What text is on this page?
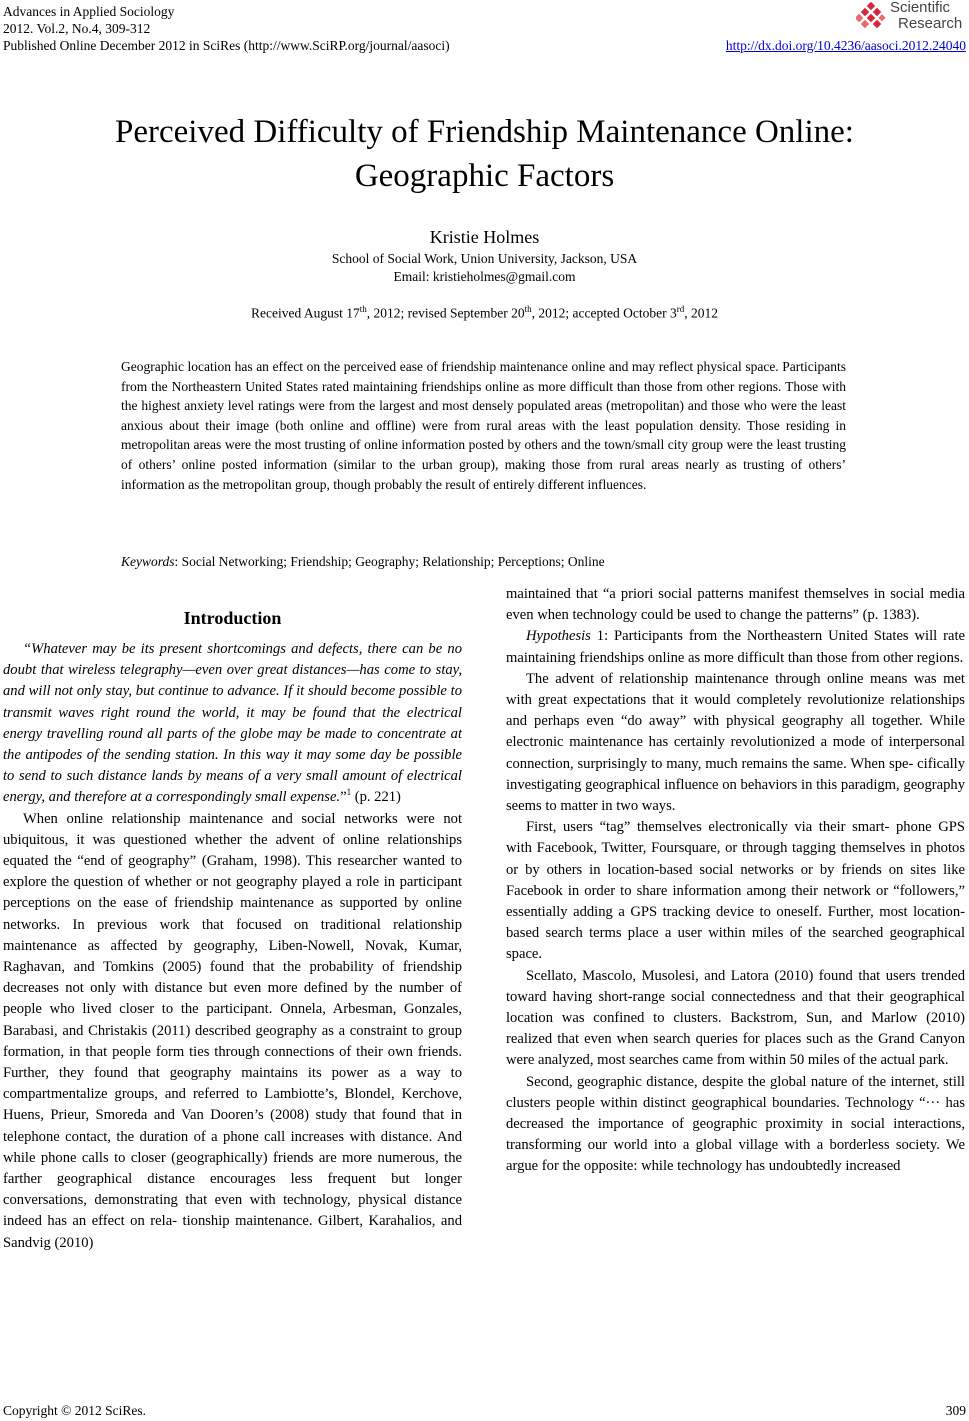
Advances in Applied Sociology
2012. Vol.2, No.4, 309-312
Published Online December 2012 in SciRes (http://www.SciRP.org/journal/aasoci)
Scientific
Research
http://dx.doi.org/10.4236/aasoci.2012.24040
Perceived Difficulty of Friendship Maintenance Online:
Geographic Factors
Kristie Holmes
School of Social Work, Union University, Jackson, USA
Email: kristieholmes@gmail.com
Received August 17th, 2012; revised September 20th, 2012; accepted October 3rd, 2012
Geographic location has an effect on the perceived ease of friendship maintenance online and may reflect physical space. Participants from the Northeastern United States rated maintaining friendships online as more difficult than those from other regions. Those with the highest anxiety level ratings were from the largest and most densely populated areas (metropolitan) and those who were the least anxious about their image (both online and offline) were from rural areas with the least population density. Those residing in metropolitan areas were the most trusting of online information posted by others and the town/small city group were the least trusting of others’ online posted information (similar to the urban group), making those from rural areas nearly as trusting of others’ information as the metropolitan group, though probably the result of entirely different influences.
Keywords: Social Networking; Friendship; Geography; Relationship; Perceptions; Online
Introduction

“Whatever may be its present shortcomings and defects, there can be no doubt that wireless telegraphy—even over great distances—has come to stay, and will not only stay, but continue to advance. If it should become possible to transmit waves right round the world, it may be found that the electrical energy travelling round all parts of the globe may be made to concentrate at the antipodes of the sending station. In this way it may some day be possible to send to such distance lands by means of a very small amount of electrical energy, and therefore at a correspondingly small expense.”$^1$ (p. 221)

When online relationship maintenance and social networks were not ubiquitous, it was questioned whether the advent of online relationships equated the “end of geography” (Graham, 1998). This researcher wanted to explore the question of whether or not geography played a role in participant perceptions on the ease of friendship maintenance as supported by online networks. In previous work that focused on traditional relationship maintenance as affected by geography, Liben-Nowell, Novak, Kumar, Raghavan, and Tomkins (2005) found that the probability of friendship decreases not only with distance but even more defined by the number of people who lived closer to the participant. Onnela, Arbesman, Gonzales, Barabasi, and Christakis (2011) described geography as a constraint to group formation, in that people form ties through connections of their own friends. Further, they found that geography maintains its power as a way to compartmentalize groups, and referred to Lambiotte’s, Blondel, Kerchove, Huens, Prieur, Smoreda and Van Dooren’s (2008) study that found that in telephone contact, the duration of a phone call increases with distance. And while phone calls to closer (geographically) friends are more numerous, the farther geographical distance encourages less frequent but longer conversations, demonstrating that even with technology, physical distance indeed has an effect on rela- tionship maintenance. Gilbert, Karahalios, and Sandvig (2010)

maintained that “a priori social patterns manifest themselves in social media even when technology could be used to change the patterns” (p. 1383).

Hypothesis 1: Participants from the Northeastern United States will rate maintaining friendships online as more difficult than those from other regions.

The advent of relationship maintenance through online means was met with great expectations that it would completely revolutionize relationships and perhaps even “do away” with physical geography all together. While electronic maintenance has certainly revolutionized a mode of interpersonal connection, surprisingly to many, much remains the same. When spe- cifically investigating geographical influence on behaviors in this paradigm, geography seems to matter in two ways.

First, users “tag” themselves electronically via their smart- phone GPS with Facebook, Twitter, Foursquare, or through tagging themselves in photos or by others in location-based social networks or by friends on sites like Facebook in order to share information among their network or “followers,” essentially adding a GPS tracking device to oneself. Further, most location-based search terms place a user within miles of the searched geographical space.

Scellato, Mascolo, Musolesi, and Latora (2010) found that users trended toward having short-range social connectedness and that their geographical location was confined to clusters. Backstrom, Sun, and Marlow (2010) realized that even when search queries for places such as the Grand Canyon were analyzed, most searches came from within 50 miles of the actual park.

Second, geographic distance, despite the global nature of the internet, still clusters people within distinct geographical boundaries. Technology “··· has decreased the importance of geographic proximity in social interactions, transforming our world into a global village with a borderless society. We argue for the opposite: while technology has undoubtedly increased

Copyright © 2012 SciRes.	309
